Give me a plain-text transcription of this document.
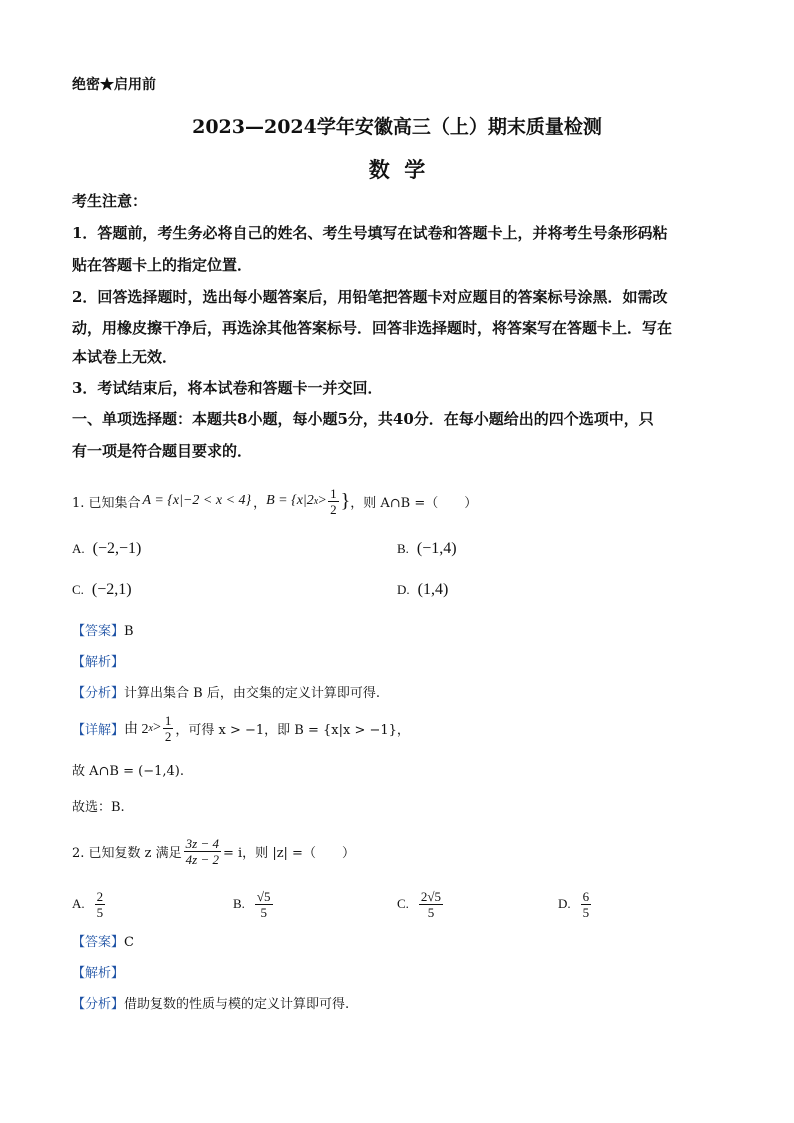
绝密★启用前
2023—2024学年安徽高三（上）期末质量检测
数  学
考生注意：
1．答题前，考生务必将自己的姓名、考生号填写在试卷和答题卡上，并将考生号条形码粘
贴在答题卡上的指定位置．
2．回答选择题时，选出每小题答案后，用铅笔把答题卡对应题目的答案标号涂黑．如需改
动，用橡皮擦干净后，再选涂其他答案标号．回答非选择题时，将答案写在答题卡上．写在
本试卷上无效．
3．考试结束后，将本试卷和答题卡一并交回．
一、单项选择题：本题共8小题，每小题5分，共40分．在每小题给出的四个选项中，只
有一项是符合题目要求的．
1. 已知集合 A = {x|−2 < x < 4} ， B = {x|2 $x > \frac{1}{2}$ } ，则 A∩B =（　　）
A. (−2,−1)	B. (−1,4)
C. (−2,1)	D. (1,4)
【答案】B
【解析】
【分析】计算出集合 B 后，由交集的定义计算即可得.
【详解】 由 2 $x > \frac{1}{2}$ ，可得 x > −1，即 B = {x|x > −1}，
故 A∩B = (−1,4).
故选：B.
2. 已知复数 z 满足 $\frac{3z - 4}{4z - 2} = i$，则 |z| =（　　）
A. $\frac{2}{5}$	B. $\frac{√5}{5}$	C. $\frac{2√5}{5}$	D. $\frac{6}{5}$
【答案】C
【解析】
【分析】借助复数的性质与模的定义计算即可得.
